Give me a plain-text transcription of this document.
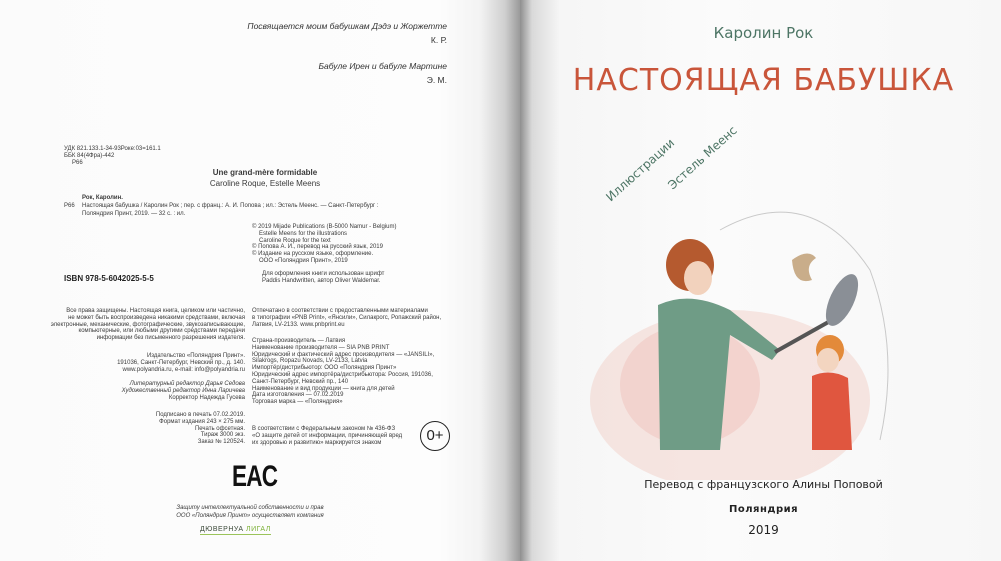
Посвящается моим бабушкам Дэдэ и Жоржетте
К. Р.
Бабуле Ирен и бабуле Мартине
Э. М.
УДК 821.133.1-34-93Роке:03=161.1
ББК 84(4Фра)-442
Р66
Une grand-mère formidable
Caroline Roque, Estelle Meens
Рок, Каролин.
Р66 Настоящая бабушка / Каролин Рок ; пер. с франц.: А. И. Попова ; ил.: Эстель Меенс. — Санкт-Петербург :
Поляндрия Принт, 2019. — 32 с. : ил.
© 2019 Mijade Publications (B-5000 Namur - Belgium)
Estelle Meens for the illustrations
Caroline Roque for the text
© Попова А. И., перевод на русский язык, 2019
© Издание на русском языке, оформление.
ООО «Поляндрия Принт», 2019
ISBN 978-5-6042025-5-5	Для оформления книги использован шрифт
Paddis Handwritten, автор Oliver Waldemar.
Все права защищены. Настоящая книга, целиком или частично,
не может быть воспроизведена никакими средствами, включая
электронные, механические, фотографические, звукозаписывающие,
компьютерные, или любыми другими средствами передачи
информации без письменного разрешения издателя.
Издательство «Поляндрия Принт».
191036, Санкт-Петербург, Невский пр., д. 140.
www.polyandria.ru, e-mail: info@polyandria.ru
Литературный редактор Дарья Седова
Художественный редактор Инна Ларичева
Корректор Надежда Гусева
Подписано в печать 07.02.2019.
Формат издания 243 × 275 мм.
Печать офсетная.
Тираж 3000 экз.
Заказ № 120524.
Отпечатано в соответствии с предоставленными материалами
в типографии «PNB Print», «Янсили», Силакрогс, Ропажский район,
Латвия, LV-2133. www.pnbprint.eu
Страна-производитель — Латвия
Наименование производителя — SIA PNB PRINT
Юридический и фактический адрес производителя — «JANSILI»,
Silakrogs, Ropazu Novads, LV-2133, Latvia
Импортёр/дистрибьютор: ООО «Поляндрия Принт»
Юридический адрес импортёра/дистрибьютора: Россия, 191036,
Санкт-Петербург, Невский пр., 140
Наименование и вид продукции — книга для детей
Дата изготовления — 07.02.2019
Торговая марка — «Поляндрия»
В соответствии с Федеральным законом № 436-ФЗ
«О защите детей от информации, причиняющей вред
их здоровью и развитию» маркируется знаком	0+
EAC
Защиту интеллектуальной собственности и прав
ООО «Поляндрия Принт» осуществляет компания
ДЮВЕРНУА ЛИГАЛ
Каролин Рок
НАСТОЯЩАЯ БАБУШКА
Иллюстрации
Эстель Меенс
Перевод с французского Алины Поповой
Поляндрия
2019
